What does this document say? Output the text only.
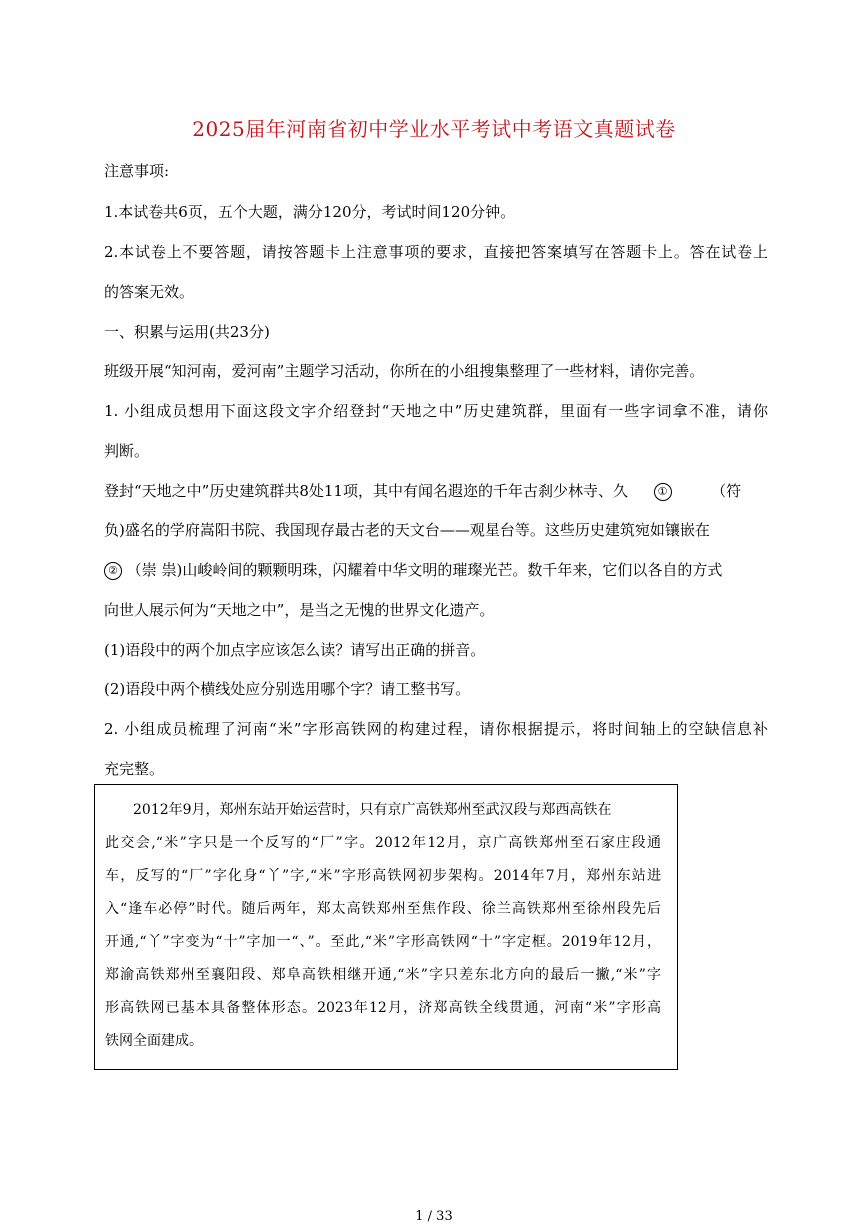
2025届年河南省初中学业水平考试中考语文真题试卷
注意事项:
1.本试卷共6页，五个大题，满分120分，考试时间120分钟。
2.本试卷上不要答题，请按答题卡上注意事项的要求，直接把答案填写在答题卡上。答在试卷上
的答案无效。
一、积累与运用(共23分)
班级开展“知河南，爱河南”主题学习活动，你所在的小组搜集整理了一些材料，请你完善。
1. 小组成员想用下面这段文字介绍登封“天地之中”历史建筑群，里面有一些字词拿不准，请你
判断。
登封“天地之中”历史建筑群共8处11项，其中有闻名遐迩的千年古刹少林寺、久	①	（符
负)盛名的学府嵩阳书院、我国现存最古老的天文台——观星台等。这些历史建筑宛如镶嵌在
② （崇 祟)山峻岭间的颗颗明珠，闪耀着中华文明的璀璨光芒。数千年来，它们以各自的方式
向世人展示何为“天地之中”，是当之无愧的世界文化遗产。
(1)语段中的两个加点字应该怎么读？请写出正确的拼音。
(2)语段中两个横线处应分别选用哪个字？请工整书写。
2. 小组成员梳理了河南“米”字形高铁网的构建过程，请你根据提示，将时间轴上的空缺信息补
充完整。
2012年9月，郑州东站开始运营时，只有京广高铁郑州至武汉段与郑西高铁在
此交会,“米”字只是一个反写的“厂”字。2012年12月，京广高铁郑州至石家庄段通
车，反写的“厂”字化身“丫”字,“米”字形高铁网初步架构。2014年7月，郑州东站进
入“逢车必停”时代。随后两年，郑太高铁郑州至焦作段、徐兰高铁郑州至徐州段先后
开通,“丫”字变为“十”字加一“、”。至此,“米”字形高铁网“十”字定框。2019年12月，
郑渝高铁郑州至襄阳段、郑阜高铁相继开通,“米”字只差东北方向的最后一撇,“米”字
形高铁网已基本具备整体形态。2023年12月，济郑高铁全线贯通，河南“米”字形高
铁网全面建成。
1 / 33
